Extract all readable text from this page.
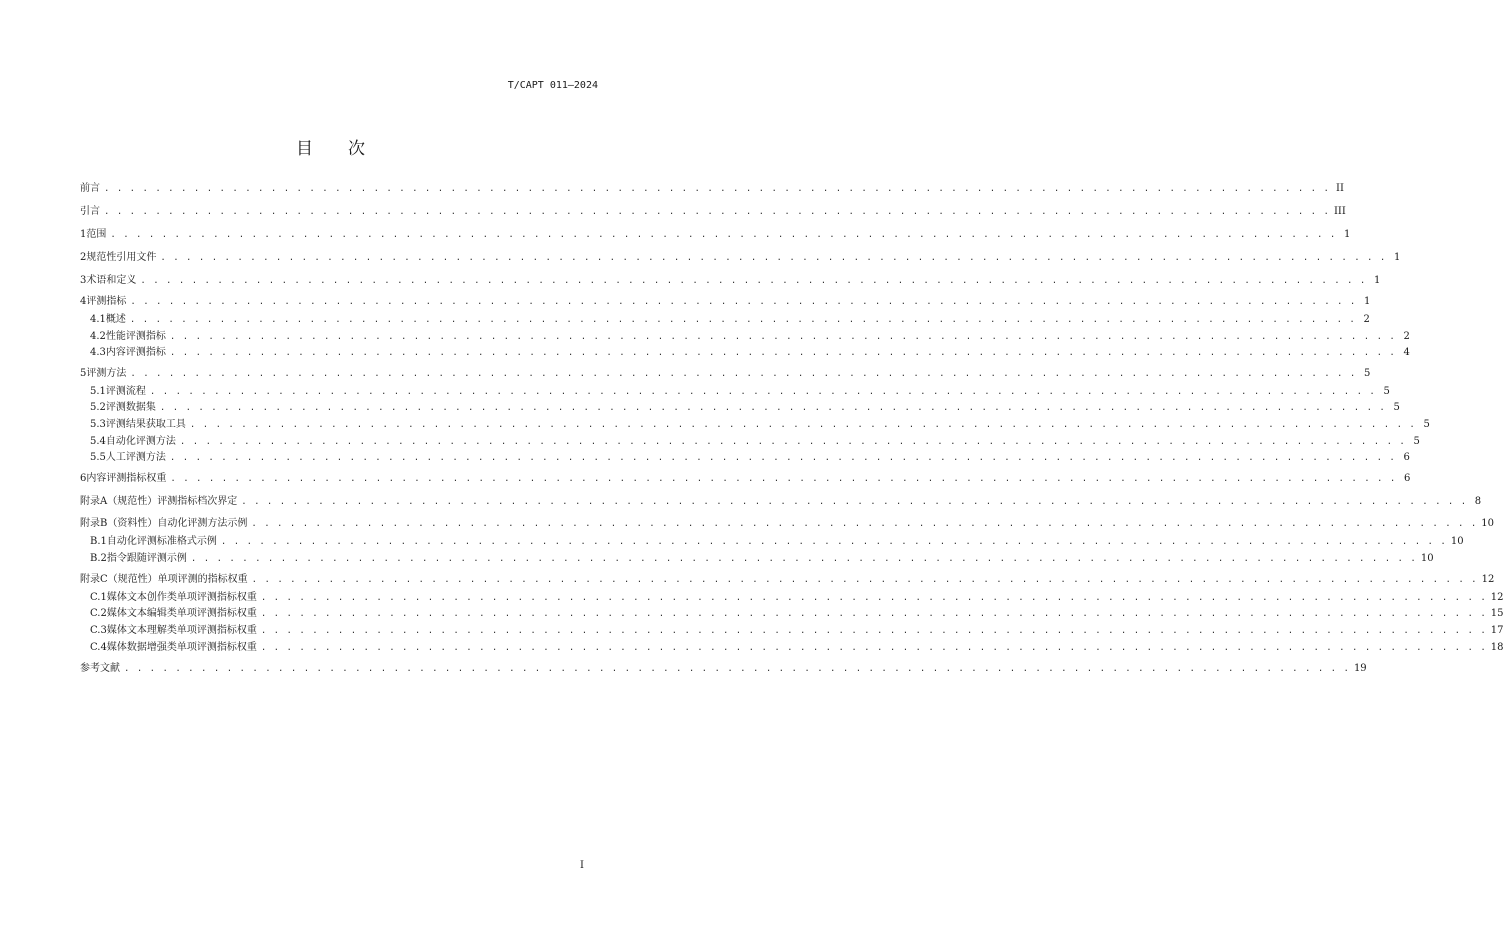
T/CAPT 011—2024
目 次
前言 . . . . . . . . . . . . . . . . . . . . . . . . . . . . . . . . . . . . . . . . . . . . . . . . . . . . . . . . . . . . . . . . . . . . . . . . . . . . . . . . . . . . . . . . . . . . . . . . II
引言 . . . . . . . . . . . . . . . . . . . . . . . . . . . . . . . . . . . . . . . . . . . . . . . . . . . . . . . . . . . . . . . . . . . . . . . . . . . . . . . . . . . . . . . . . . . . . . . . III
1 范围 . . . . . . . . . . . . . . . . . . . . . . . . . . . . . . . . . . . . . . . . . . . . . . . . . . . . . . . . . . . . . . . . . . . . . . . . . . . . . . . . . . . . . . . . . . . . . . . . 1
2 规范性引用文件 . . . . . . . . . . . . . . . . . . . . . . . . . . . . . . . . . . . . . . . . . . . . . . . . . . . . . . . . . . . . . . . . . . . . . . . . . . . . . . . . . . . . . . . . . . . . . . . . 1
3 术语和定义 . . . . . . . . . . . . . . . . . . . . . . . . . . . . . . . . . . . . . . . . . . . . . . . . . . . . . . . . . . . . . . . . . . . . . . . . . . . . . . . . . . . . . . . . . . . . . . . . 1
4 评测指标 . . . . . . . . . . . . . . . . . . . . . . . . . . . . . . . . . . . . . . . . . . . . . . . . . . . . . . . . . . . . . . . . . . . . . . . . . . . . . . . . . . . . . . . . . . . . . . . . 1
4.1 概述 . . . . . . . . . . . . . . . . . . . . . . . . . . . . . . . . . . . . . . . . . . . . . . . . . . . . . . . . . . . . . . . . . . . . . . . . . . . . . . . . . . . . . . . . . . . . . . . . 2
4.2 性能评测指标 . . . . . . . . . . . . . . . . . . . . . . . . . . . . . . . . . . . . . . . . . . . . . . . . . . . . . . . . . . . . . . . . . . . . . . . . . . . . . . . . . . . . . . . . . . . . . . . . 2
4.3 内容评测指标 . . . . . . . . . . . . . . . . . . . . . . . . . . . . . . . . . . . . . . . . . . . . . . . . . . . . . . . . . . . . . . . . . . . . . . . . . . . . . . . . . . . . . . . . . . . . . . . . 4
5 评测方法 . . . . . . . . . . . . . . . . . . . . . . . . . . . . . . . . . . . . . . . . . . . . . . . . . . . . . . . . . . . . . . . . . . . . . . . . . . . . . . . . . . . . . . . . . . . . . . . . 5
5.1 评测流程 . . . . . . . . . . . . . . . . . . . . . . . . . . . . . . . . . . . . . . . . . . . . . . . . . . . . . . . . . . . . . . . . . . . . . . . . . . . . . . . . . . . . . . . . . . . . . . . . 5
5.2 评测数据集 . . . . . . . . . . . . . . . . . . . . . . . . . . . . . . . . . . . . . . . . . . . . . . . . . . . . . . . . . . . . . . . . . . . . . . . . . . . . . . . . . . . . . . . . . . . . . . . . 5
5.3 评测结果获取工具 . . . . . . . . . . . . . . . . . . . . . . . . . . . . . . . . . . . . . . . . . . . . . . . . . . . . . . . . . . . . . . . . . . . . . . . . . . . . . . . . . . . . . . . . . . . . . . . . 5
5.4 自动化评测方法 . . . . . . . . . . . . . . . . . . . . . . . . . . . . . . . . . . . . . . . . . . . . . . . . . . . . . . . . . . . . . . . . . . . . . . . . . . . . . . . . . . . . . . . . . . . . . . . . 5
5.5 人工评测方法 . . . . . . . . . . . . . . . . . . . . . . . . . . . . . . . . . . . . . . . . . . . . . . . . . . . . . . . . . . . . . . . . . . . . . . . . . . . . . . . . . . . . . . . . . . . . . . . . 6
6 内容评测指标权重 . . . . . . . . . . . . . . . . . . . . . . . . . . . . . . . . . . . . . . . . . . . . . . . . . . . . . . . . . . . . . . . . . . . . . . . . . . . . . . . . . . . . . . . . . . . . . . . . 6
附录A（规范性） 评测指标档次界定 . . . . . . . . . . . . . . . . . . . . . . . . . . . . . . . . . . . . . . . . . . . . . . . . . . . . . . . . . . . . . . . . . . . . . . . . . . . . . . . . . . . . . . . . . . . . . . . . 8
附录B（资料性） 自动化评测方法示例 . . . . . . . . . . . . . . . . . . . . . . . . . . . . . . . . . . . . . . . . . . . . . . . . . . . . . . . . . . . . . . . . . . . . . . . . . . . . . . . . . . . . . . . . . . . . . . . . 10
B.1 自动化评测标准格式示例 . . . . . . . . . . . . . . . . . . . . . . . . . . . . . . . . . . . . . . . . . . . . . . . . . . . . . . . . . . . . . . . . . . . . . . . . . . . . . . . . . . . . . . . . . . . . . . . . 10
B.2 指令跟随评测示例 . . . . . . . . . . . . . . . . . . . . . . . . . . . . . . . . . . . . . . . . . . . . . . . . . . . . . . . . . . . . . . . . . . . . . . . . . . . . . . . . . . . . . . . . . . . . . . . . 10
附录C（规范性） 单项评测的指标权重 . . . . . . . . . . . . . . . . . . . . . . . . . . . . . . . . . . . . . . . . . . . . . . . . . . . . . . . . . . . . . . . . . . . . . . . . . . . . . . . . . . . . . . . . . . . . . . . . 12
C.1 媒体文本创作类单项评测指标权重 . . . . . . . . . . . . . . . . . . . . . . . . . . . . . . . . . . . . . . . . . . . . . . . . . . . . . . . . . . . . . . . . . . . . . . . . . . . . . . . . . . . . . . . . . . . . . . . . 12
C.2 媒体文本编辑类单项评测指标权重 . . . . . . . . . . . . . . . . . . . . . . . . . . . . . . . . . . . . . . . . . . . . . . . . . . . . . . . . . . . . . . . . . . . . . . . . . . . . . . . . . . . . . . . . . . . . . . . . 15
C.3 媒体文本理解类单项评测指标权重 . . . . . . . . . . . . . . . . . . . . . . . . . . . . . . . . . . . . . . . . . . . . . . . . . . . . . . . . . . . . . . . . . . . . . . . . . . . . . . . . . . . . . . . . . . . . . . . . 17
C.4 媒体数据增强类单项评测指标权重 . . . . . . . . . . . . . . . . . . . . . . . . . . . . . . . . . . . . . . . . . . . . . . . . . . . . . . . . . . . . . . . . . . . . . . . . . . . . . . . . . . . . . . . . . . . . . . . . 18
参考文献 . . . . . . . . . . . . . . . . . . . . . . . . . . . . . . . . . . . . . . . . . . . . . . . . . . . . . . . . . . . . . . . . . . . . . . . . . . . . . . . . . . . . . . . . . . . . . . . . 19
I
